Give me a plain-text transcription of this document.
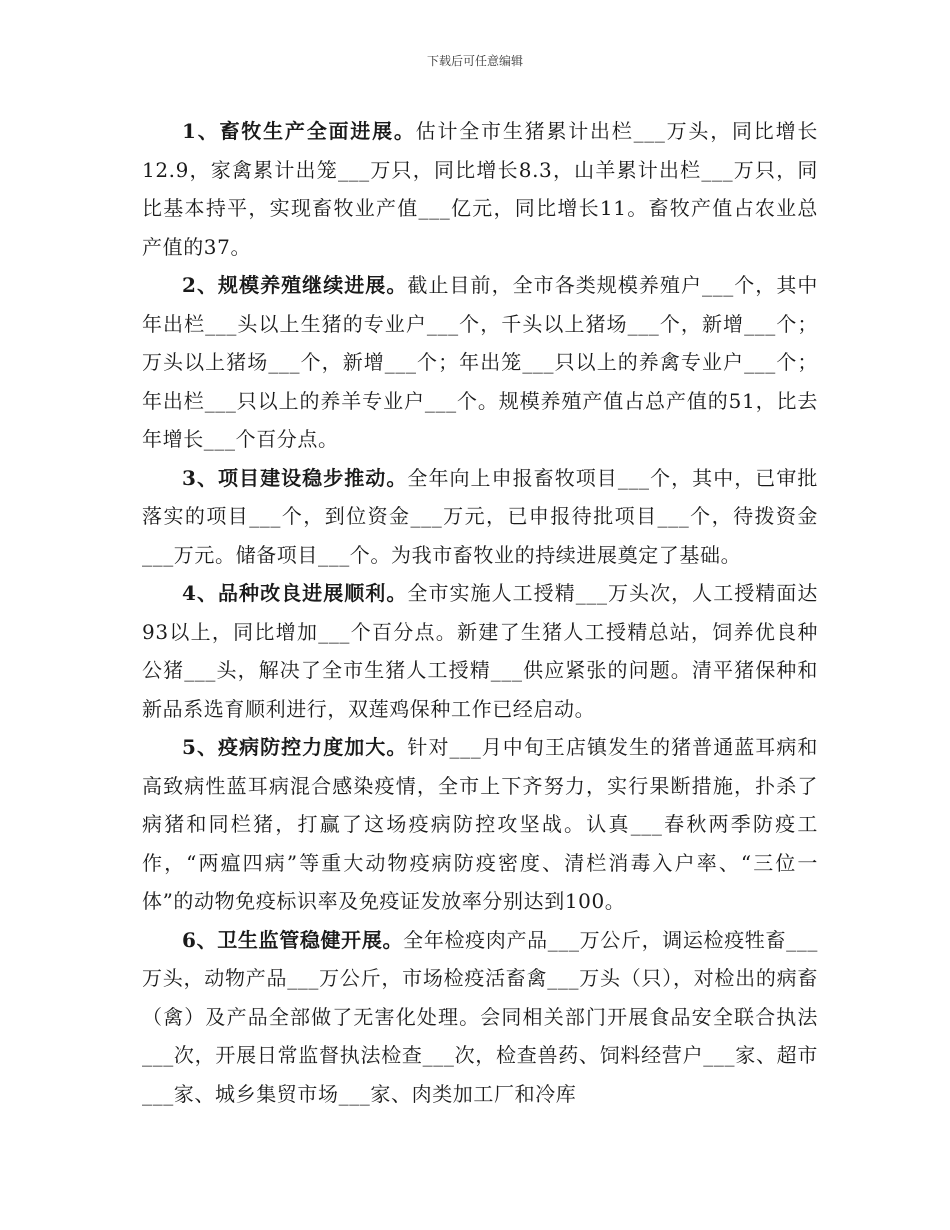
下载后可任意编辑

1、畜牧生产全面进展。估计全市生猪累计出栏___万头，同比增长12.9，家禽累计出笼___万只，同比增长8.3，山羊累计出栏___万只，同比基本持平，实现畜牧业产值___亿元，同比增长11。畜牧产值占农业总产值的37。

2、规模养殖继续进展。截止目前，全市各类规模养殖户___个，其中年出栏___头以上生猪的专业户___个，千头以上猪场___个，新增___个；万头以上猪场___个，新增___个；年出笼___只以上的养禽专业户___个；年出栏___只以上的养羊专业户___个。规模养殖产值占总产值的51，比去年增长___个百分点。

3、项目建设稳步推动。全年向上申报畜牧项目___个，其中，已审批落实的项目___个，到位资金___万元，已申报待批项目___个，待拨资金___万元。储备项目___个。为我市畜牧业的持续进展奠定了基础。

4、品种改良进展顺利。全市实施人工授精___万头次，人工授精面达93以上，同比增加___个百分点。新建了生猪人工授精总站，饲养优良种公猪___头，解决了全市生猪人工授精___供应紧张的问题。清平猪保种和新品系选育顺利进行，双莲鸡保种工作已经启动。

5、疫病防控力度加大。针对___月中旬王店镇发生的猪普通蓝耳病和高致病性蓝耳病混合感染疫情，全市上下齐努力，实行果断措施，扑杀了病猪和同栏猪，打赢了这场疫病防控攻坚战。认真___春秋两季防疫工作，“两瘟四病”等重大动物疫病防疫密度、清栏消毒入户率、“三位一体”的动物免疫标识率及免疫证发放率分别达到100。

6、卫生监管稳健开展。全年检疫肉产品___万公斤，调运检疫牲畜___万头，动物产品___万公斤，市场检疫活畜禽___万头（只），对检出的病畜（禽）及产品全部做了无害化处理。会同相关部门开展食品安全联合执法___次，开展日常监督执法检查___次，检查兽药、饲料经营户___家、超市___家、城乡集贸市场___家、肉类加工厂和冷库
